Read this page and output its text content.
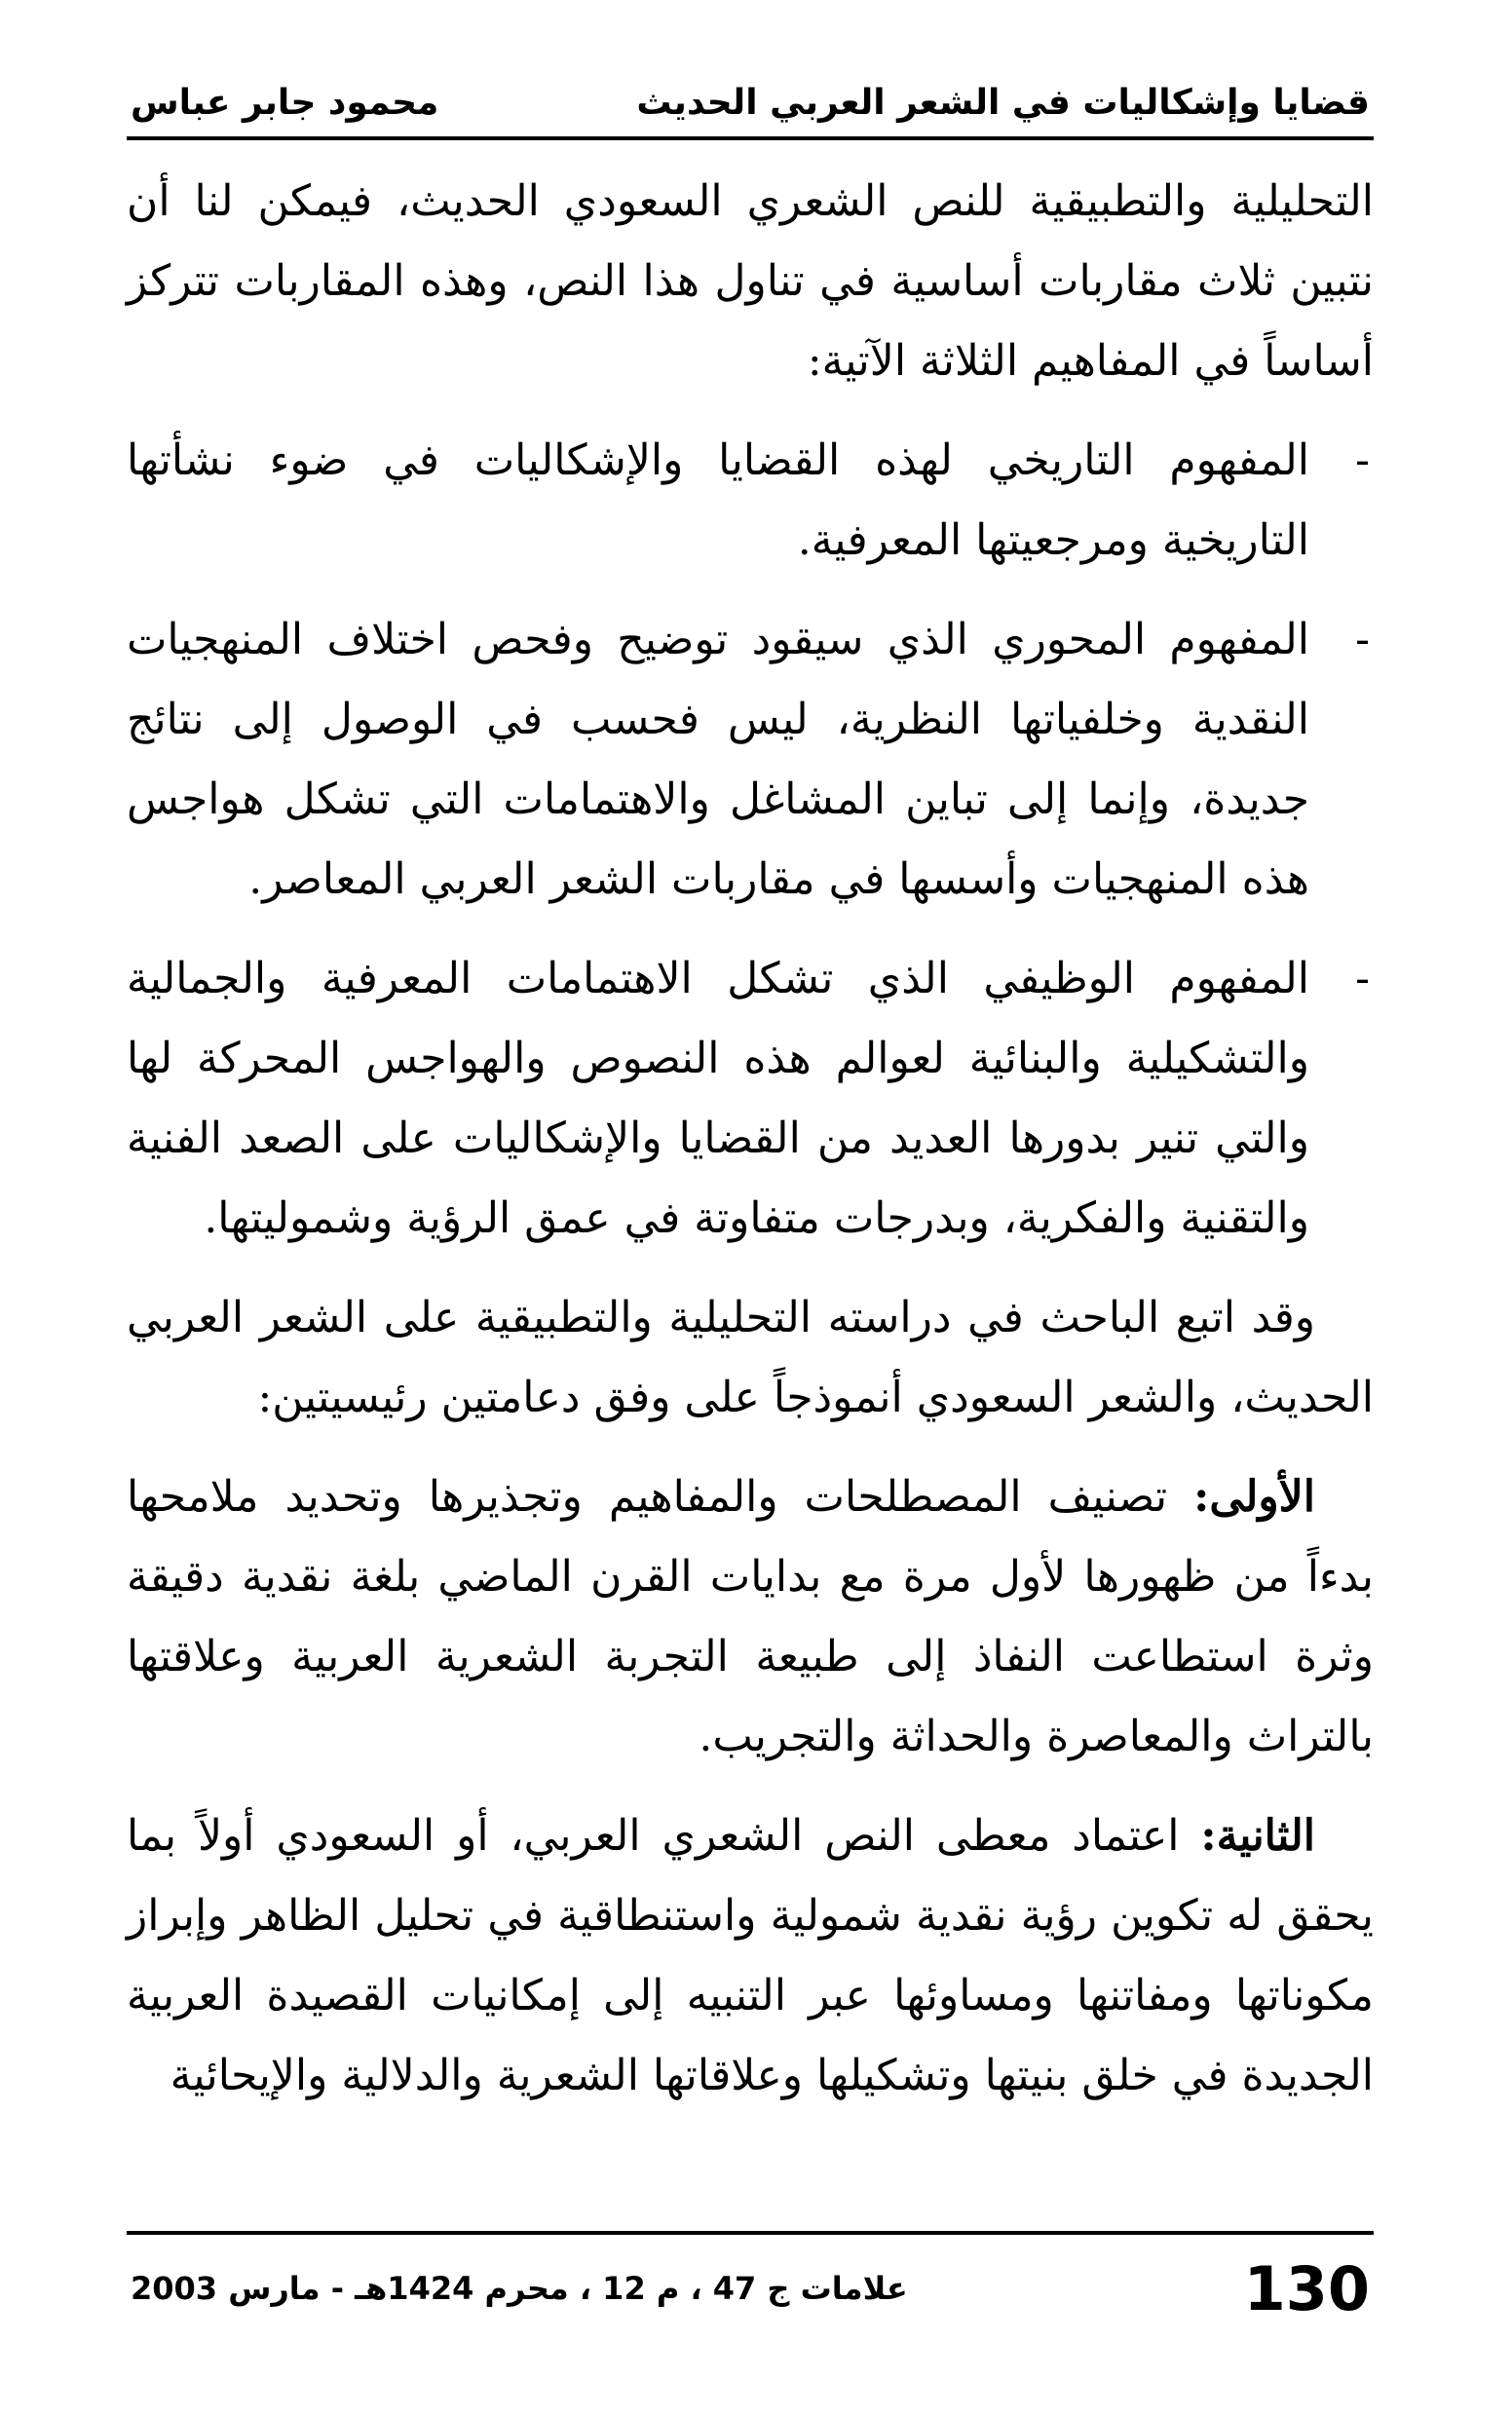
قضايا وإشكاليات في الشعر العربي الحديث
محمود جابر عباس

التحليلية والتطبيقية للنص الشعري السعودي الحديث، فيمكن لنا أن نتبين ثلاث مقاربات أساسية في تناول هذا النص، وهذه المقاربات تتركز أساساً في المفاهيم الثلاثة الآتية:

-
المفهوم التاريخي لهذه القضايا والإشكاليات في ضوء نشأتها التاريخية ومرجعيتها المعرفية.
-
المفهوم المحوري الذي سيقود توضيح وفحص اختلاف المنهجيات النقدية وخلفياتها النظرية، ليس فحسب في الوصول إلى نتائج جديدة، وإنما إلى تباين المشاغل والاهتمامات التي تشكل هواجس هذه المنهجيات وأسسها في مقاربات الشعر العربي المعاصر.
-
المفهوم الوظيفي الذي تشكل الاهتمامات المعرفية والجمالية والتشكيلية والبنائية لعوالم هذه النصوص والهواجس المحركة لها والتي تنير بدورها العديد من القضايا والإشكاليات على الصعد الفنية والتقنية والفكرية، وبدرجات متفاوتة في عمق الرؤية وشموليتها.

وقد اتبع الباحث في دراسته التحليلية والتطبيقية على الشعر العربي الحديث، والشعر السعودي أنموذجاً على وفق دعامتين رئيسيتين:

الأولى: تصنيف المصطلحات والمفاهيم وتجذيرها وتحديد ملامحها بدءاً من ظهورها لأول مرة مع بدايات القرن الماضي بلغة نقدية دقيقة وثرة استطاعت النفاذ إلى طبيعة التجربة الشعرية العربية وعلاقتها بالتراث والمعاصرة والحداثة والتجريب.

الثانية: اعتماد معطى النص الشعري العربي، أو السعودي أولاً بما يحقق له تكوين رؤية نقدية شمولية واستنطاقية في تحليل الظاهر وإبراز مكوناتها ومفاتنها ومساوئها عبر التنبيه إلى إمكانيات القصيدة العربية الجديدة في خلق بنيتها وتشكيلها وعلاقاتها الشعرية والدلالية والإيحائية

130
علامات ج 47 ، م 12 ، محرم 1424هـ - مارس 2003
